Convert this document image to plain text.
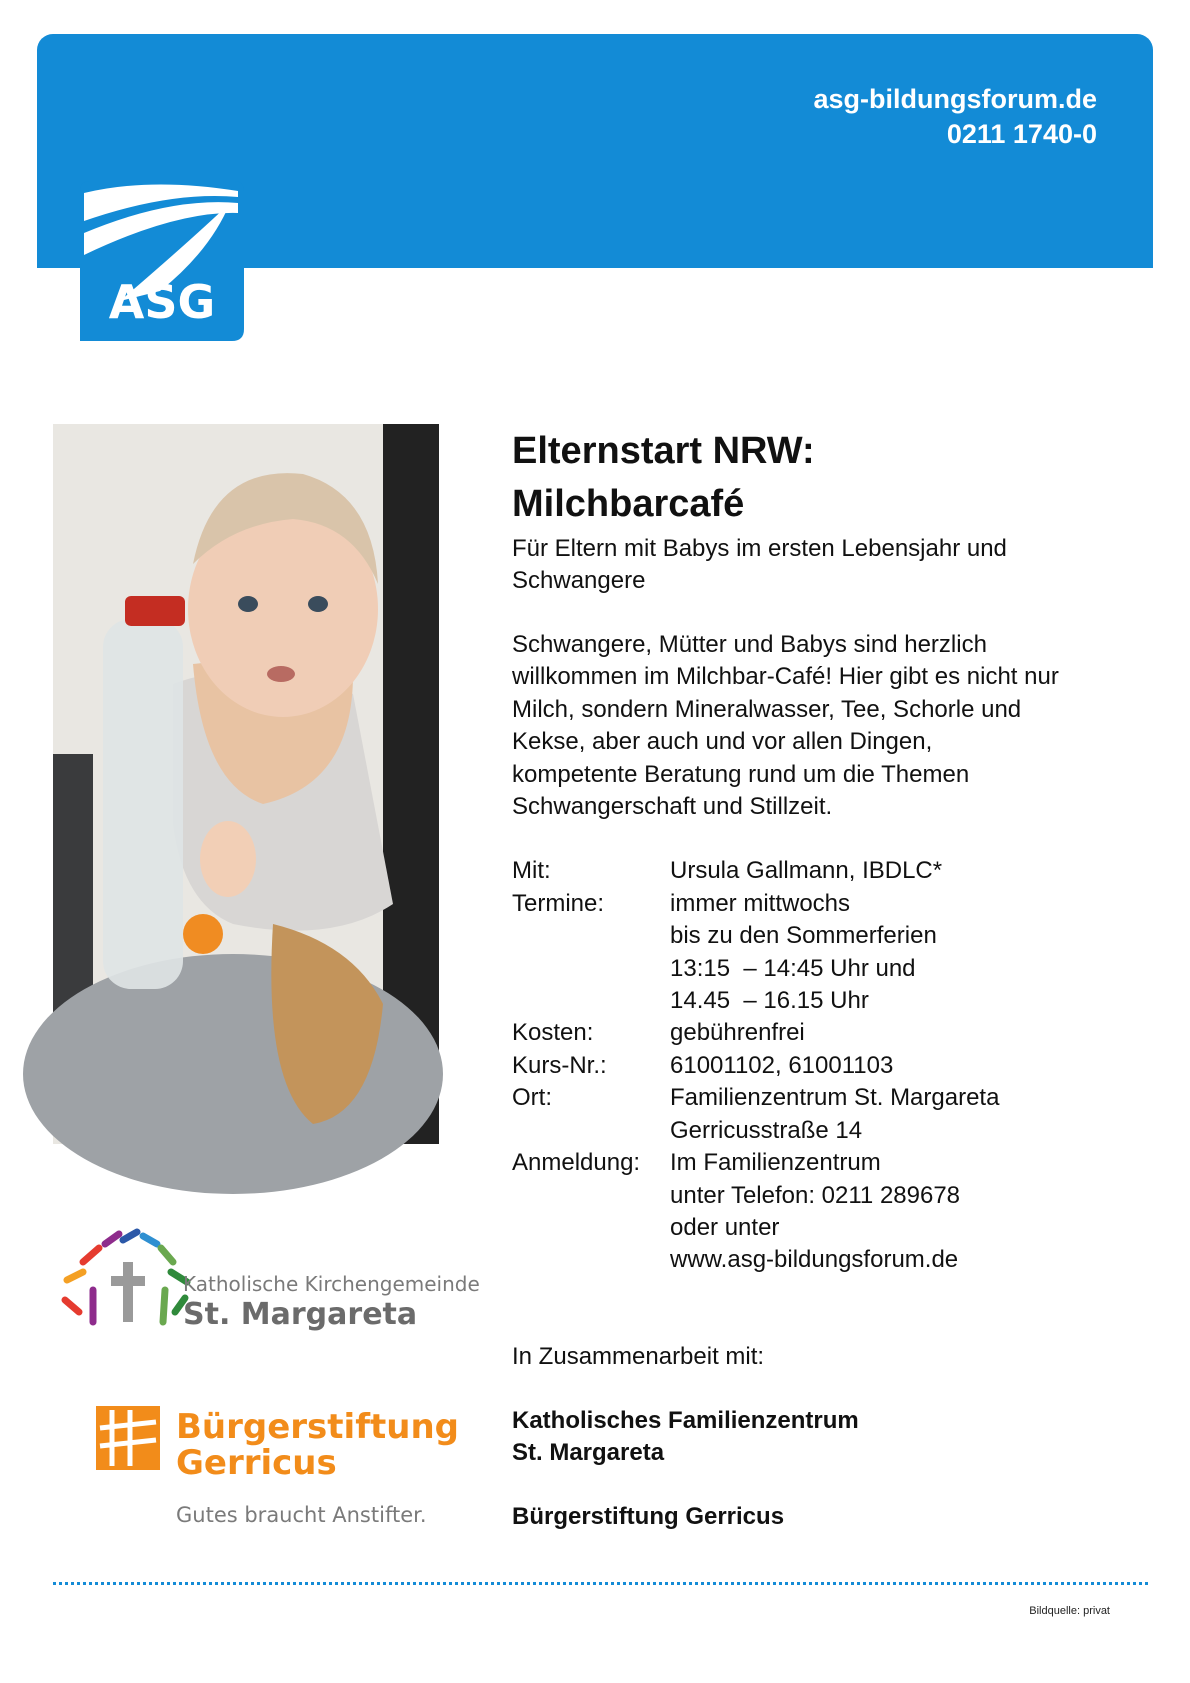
asg-bildungsforum.de
0211 1740-0
ASG
Elternstart NRW:
Milchbarcafé
Für Eltern mit Babys im ersten Lebensjahr und
Schwangere
Schwangere, Mütter und Babys sind herzlich
willkommen im Milchbar-Café! Hier gibt es nicht nur
Milch, sondern Mineralwasser, Tee, Schorle und
Kekse, aber auch und vor allen Dingen,
kompetente Beratung rund um die Themen
Schwangerschaft und Stillzeit.
Mit:	Ursula Gallmann, IBDLC*

Termine:	immer mittwochs
bis zu den Sommerferien
13:15  – 14:45 Uhr und
14.45  – 16.15 Uhr

Kosten:	gebührenfrei

Kurs-Nr.:	61001102, 61001103

Ort:	Familienzentrum St. Margareta
Gerricusstraße 14

Anmeldung:	Im Familienzentrum
unter Telefon: 0211 289678
oder unter
www.asg-bildungsforum.de
In Zusammenarbeit mit:
Katholisches Familienzentrum
St. Margareta
Bürgerstiftung Gerricus
Katholische Kirchengemeinde
St. Margareta
Bürgerstiftung
Gerricus
Gutes braucht Anstifter.
Bildquelle: privat
